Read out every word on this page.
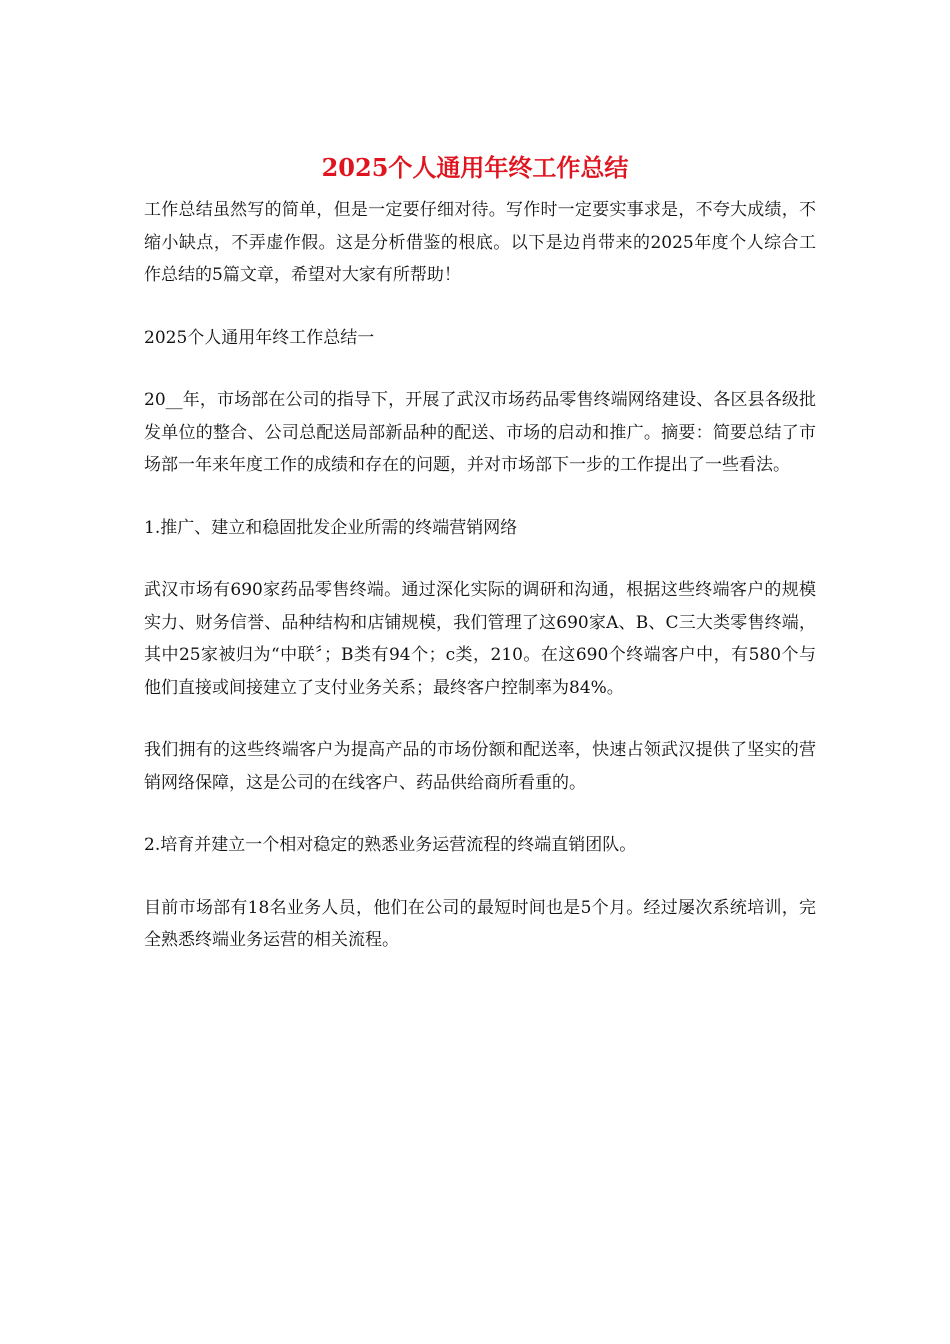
2025个人通用年终工作总结

工作总结虽然写的简单，但是一定要仔细对待。写作时一定要实事求是，不夸大成绩，不缩小缺点，不弄虚作假。这是分析借鉴的根底。以下是边肖带来的2025年度个人综合工作总结的5篇文章，希望对大家有所帮助！

2025个人通用年终工作总结一

20__年，市场部在公司的指导下，开展了武汉市场药品零售终端网络建设、各区县各级批发单位的整合、公司总配送局部新品种的配送、市场的启动和推广。摘要：简要总结了市场部一年来年度工作的成绩和存在的问题，并对市场部下一步的工作提出了一些看法。

1.推广、建立和稳固批发企业所需的终端营销网络

武汉市场有690家药品零售终端。通过深化实际的调研和沟通，根据这些终端客户的规模实力、财务信誉、品种结构和店铺规模，我们管理了这690家A、B、C三大类零售终端，其中25家被归为“中联〞；B类有94个；c类，210。在这690个终端客户中，有580个与他们直接或间接建立了支付业务关系；最终客户控制率为84%。

我们拥有的这些终端客户为提高产品的市场份额和配送率，快速占领武汉提供了坚实的营销网络保障，这是公司的在线客户、药品供给商所看重的。

2.培育并建立一个相对稳定的熟悉业务运营流程的终端直销团队。

目前市场部有18名业务人员，他们在公司的最短时间也是5个月。经过屡次系统培训，完全熟悉终端业务运营的相关流程。
